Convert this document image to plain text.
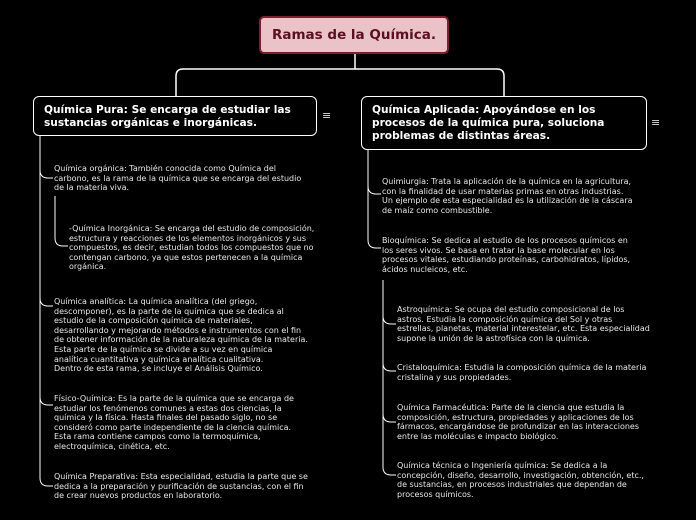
Ramas de la Química.
Química Pura: Se encarga de estudiar las sustancias orgánicas e inorgánicas.
≡	Química Aplicada: Apoyándose en los procesos de la química pura, soluciona problemas de distintas áreas.
≡
Química orgánica: También conocida como Química del
carbono, es la rama de la química que se encarga del estudio
de la materia viva.
-Química Inorgánica: Se encarga del estudio de composición,
estructura y reacciones de los elementos inorgánicos y sus
compuestos, es decir, estudian todos los compuestos que no
contengan carbono, ya que estos pertenecen a la química
orgánica.
Química analítica: La química analítica (del griego,
descomponer), es la parte de la química que se dedica al
estudio de la composición química de materiales,
desarrollando y mejorando métodos e instrumentos con el fin
de obtener información de la naturaleza química de la materia.
Esta parte de la química se divide a su vez en química
analítica cuantitativa y química analítica cualitativa.
Dentro de esta rama, se incluye el Análisis Químico.
Físico-Química: Es la parte de la química que se encarga de
estudiar los fenómenos comunes a estas dos ciencias, la
química y la física. Hasta finales del pasado siglo, no se
consideró como parte independiente de la ciencia química.
Esta rama contiene campos como la termoquímica,
electroquímica, cinética, etc.
Química Preparativa: Esta especialidad, estudia la parte que se
dedica a la preparación y purificación de sustancias, con el fin
de crear nuevos productos en laboratorio.
Quimiurgia: Trata la aplicación de la química en la agricultura,
con la finalidad de usar materias primas en otras industrias.
Un ejemplo de esta especialidad es la utilización de la cáscara
de maíz como combustible.
Bioquímica: Se dedica al estudio de los procesos químicos en
los seres vivos. Se basa en tratar la base molecular en los
procesos vitales, estudiando proteínas, carbohidratos, lípidos,
ácidos nucleicos, etc.
Astroquímica: Se ocupa del estudio composicional de los
astros. Estudia la composición química del Sol y otras
estrellas, planetas, material interestelar, etc. Esta especialidad
supone la unión de la astrofísica con la química.
Cristaloquímica: Estudia la composición química de la materia
cristalina y sus propiedades.
Química Farmacéutica: Parte de la ciencia que estudia la
composición, estructura, propiedades y aplicaciones de los
fármacos, encargándose de profundizar en las interacciones
entre las moléculas e impacto biológico.
Química técnica o Ingeniería química: Se dedica a la
concepción, diseño, desarrollo, investigación, obtención, etc.,
de sustancias, en procesos industriales que dependan de
procesos químicos.
